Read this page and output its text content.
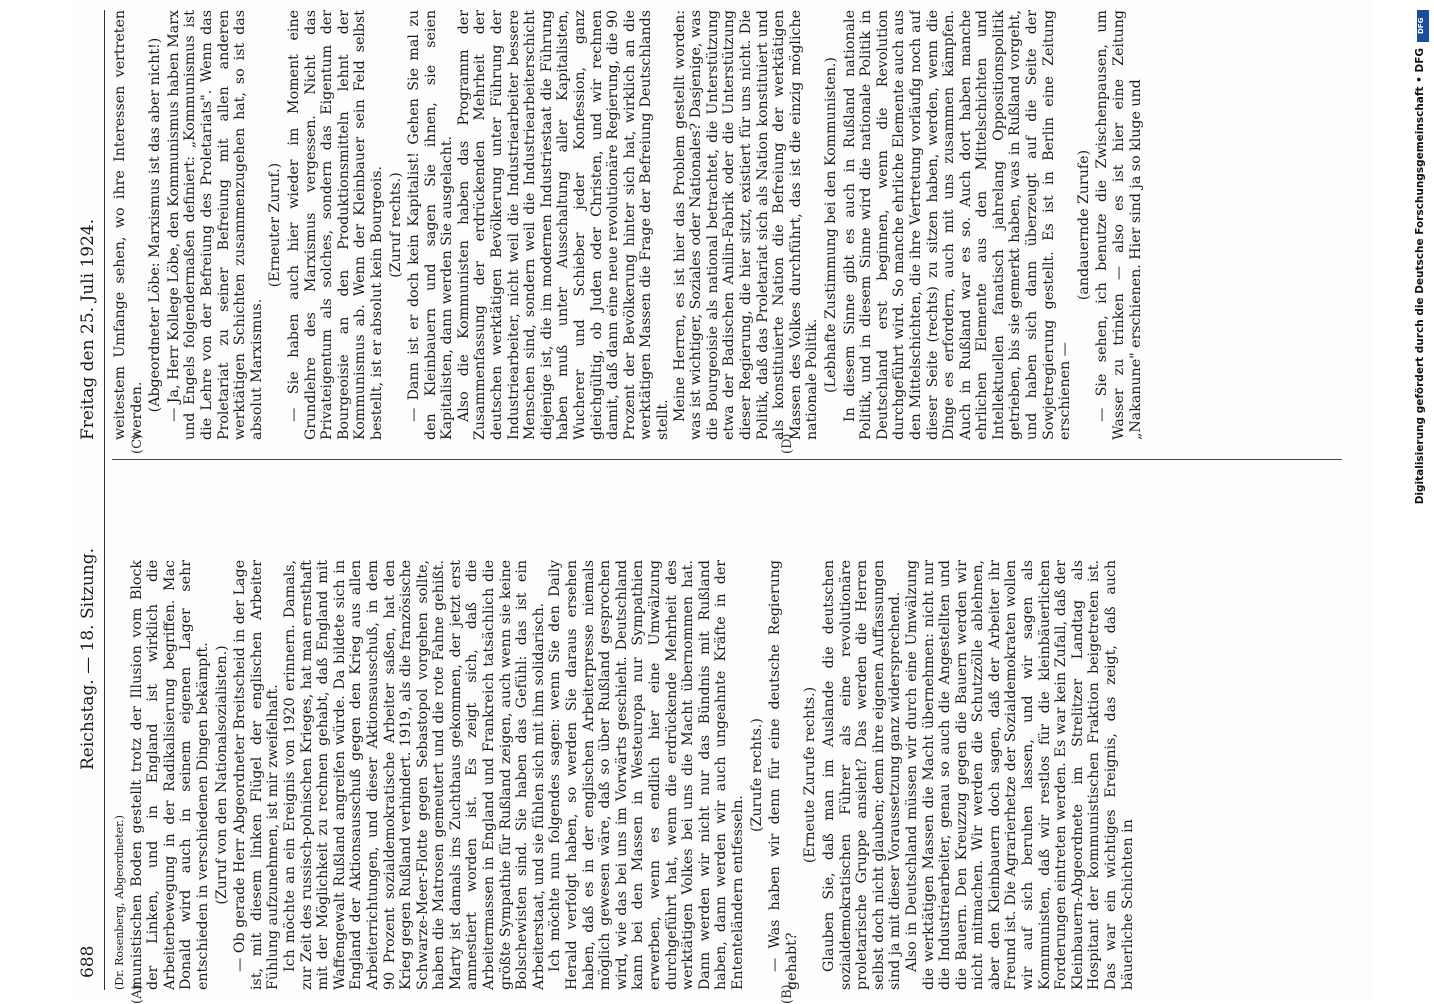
688
Reichstag. — 18. Sitzung.
Freitag den 25. Juli 1924.
(A)	(B)
(C)	(D)

(Dr. Rosenberg, Abgeordneter.) munistischen Boden gestellt trotz der Illusion vom Block der Linken, und in England ist wirklich die Arbeiterbewegung in der Radikalisierung begriffen. Mac Donald wird auch in seinem eigenen Lager sehr entschieden in verschiedenen Dingen bekämpft. (Zuruf von den Nationalsozialisten.) — Ob gerade Herr Abgeordneter Breitscheid in der Lage ist, mit diesem linken Flügel der englischen Arbeiter Fühlung aufzunehmen, ist mir zweifelhaft. Ich möchte an ein Ereignis von 1920 erinnern. Damals, zur Zeit des russisch-polnischen Krieges, hat man ernsthaft mit der Möglichkeit zu rechnen gehabt, daß England mit Waffengewalt Rußland angreifen würde. Da bildete sich in England der Aktionsausschuß gegen den Krieg aus allen Arbeiterrichtungen, und dieser Aktionsausschuß, in dem 90 Prozent sozialdemokratische Arbeiter saßen, hat den Krieg gegen Rußland verhindert. 1919, als die französische Schwarze-Meer-Flotte gegen Sebastopol vorgehen sollte, haben die Matrosen gemeutert und die rote Fahne gehißt. Marty ist damals ins Zuchthaus gekommen, der jetzt erst amnestiert worden ist. Es zeigt sich, daß die Arbeitermassen in England und Frankreich tatsächlich die größte Sympathie für Rußland zeigen, auch wenn sie keine Bolschewisten sind. Sie haben das Gefühl: das ist ein Arbeiterstaat, und sie fühlen sich mit ihm solidarisch. Ich möchte nun folgendes sagen: wenn Sie den Daily Herald verfolgt haben, so werden Sie daraus ersehen haben, daß es in der englischen Arbeiterpresse niemals möglich gewesen wäre, daß so über Rußland gesprochen wird, wie das bei uns im Vorwärts geschieht. Deutschland kann bei den Massen in Westeuropa nur Sympathien erwerben, wenn es endlich hier eine Umwälzung durchgeführt hat, wenn die erdrückende Mehrheit des werktätigen Volkes bei uns die Macht übernommen hat. Dann werden wir nicht nur das Bündnis mit Rußland haben, dann werden wir auch ungeahnte Kräfte in der Ententeländern entfesseln.

(Zurufe rechts.) — Was haben wir denn für eine deutsche Regierung gehabt?

(Erneute Zurufe rechts.) Glauben Sie, daß man im Auslande die deutschen sozialdemokratischen Führer als eine revolutionäre proletarische Gruppe ansieht? Das werden die Herren selbst doch nicht glauben; denn ihre eigenen Auffassungen sind ja mit dieser Voraussetzung ganz widersprechend. Also in Deutschland müssen wir durch eine Umwälzung die werktätigen Massen die Macht übernehmen: nicht nur die Industriearbeiter, genau so auch die Angestellten und die Bauern. Den Kreuzzug gegen die Bauern werden wir nicht mitmachen. Wir werden die Schutzzölle ablehnen, aber den Kleinbauern doch sagen, daß der Arbeiter ihr Freund ist. Die Agrarierhetze der Sozialdemokraten wollen wir auf sich beruhen lassen, und wir sagen als Kommunisten, daß wir restlos für die kleinbäuerlichen Forderungen eintreten werden. Es war kein Zufall, daß der Kleinbauern-Abgeordnete im Strelitzer Landtag als Hospitant der kommunistischen Fraktion beigetreten ist. Das war ein wichtiges Ereignis, das zeigt, daß auch bäuerliche Schichten in

weitestem Umfange sehen, wo ihre Interessen vertreten werden. (Abgeordneter Löbe: Marxismus ist das aber nicht!) — Ja, Herr Kollege Löbe, den Kommunismus haben Marx und Engels folgendermaßen definiert: „Kommunismus ist die Lehre von der Befreiung des Proletariats". Wenn das Proletariat zu seiner Befreiung mit allen anderen werktätigen Schichten zusammenzugehen hat, so ist das absolut Marxismus.

(Erneuter Zuruf.) — Sie haben auch hier wieder im Moment eine Grundlehre des Marxismus vergessen. Nicht das Privateigentum als solches, sondern das Eigentum der Bourgeoisie an den Produktionsmitteln lehnt der Kommunismus ab. Wenn der Kleinbauer sein Feld selbst bestellt, ist er absolut kein Bourgeois. (Zuruf rechts.) — Dann ist er doch kein Kapitalist! Gehen Sie mal zu den Kleinbauern und sagen Sie ihnen, sie seien Kapitalisten, dann werden Sie ausgelacht. Also die Kommunisten haben das Programm der Zusammenfassung der erdrückenden Mehrheit der deutschen werktätigen Bevölkerung unter Führung der Industriearbeiter, nicht weil die Industriearbeiter bessere Menschen sind, sondern weil die Industriearbeiterschicht diejenige ist, die im modernen Industriestaat die Führung haben muß unter Ausschaltung aller Kapitalisten, Wucherer und Schieber jeder Konfession, ganz gleichgültig, ob Juden oder Christen, und wir rechnen damit, daß dann eine neue revolutionäre Regierung, die 90 Prozent der Bevölkerung hinter sich hat, wirklich an die werktätigen Massen die Frage der Befreiung Deutschlands stellt. Meine Herren, es ist hier das Problem gestellt worden: was ist wichtiger, Soziales oder Nationales? Dasjenige, was die Bourgeoisie als national betrachtet, die Unterstützung etwa der Badischen Anilin-Fabrik oder die Unterstützung dieser Regierung, die hier sitzt, existiert für uns nicht. Die Politik, daß das Proletariat sich als Nation konstituiert und als konstituierte Nation die Befreiung der werktätigen Massen des Volkes durchführt, das ist die einzig mögliche nationale Politik. (Lebhafte Zustimmung bei den Kommunisten.) In diesem Sinne gibt es auch in Rußland nationale Politik, und in diesem Sinne wird die nationale Politik in Deutschland erst beginnen, wenn die Revolution durchgeführt wird. So manche ehrliche Elemente auch aus den Mittelschichten, die ihre Vertretung vorläufig noch auf dieser Seite (rechts) zu sitzen haben, werden, wenn die Dinge es erfordern, auch mit uns zusammen kämpfen. Auch in Rußland war es so. Auch dort haben manche ehrlichen Elemente aus den Mittelschichten und Intellektuellen fanatisch jahrelang Oppositionspolitik getrieben, bis sie gemerkt haben, was in Rußland vorgeht, und haben sich dann überzeugt auf die Seite der Sowjetregierung gestellt. Es ist in Berlin eine Zeitung erschienen —

(andauernde Zurufe) — Sie sehen, ich benutze die Zwischenpausen, um Wasser zu trinken — also es ist hier eine Zeitung „Nakanune" erschienen. Hier sind ja so kluge und

DFG
Digitalisierung gefördert durch die Deutsche Forschungsgemeinschaft • DFG
